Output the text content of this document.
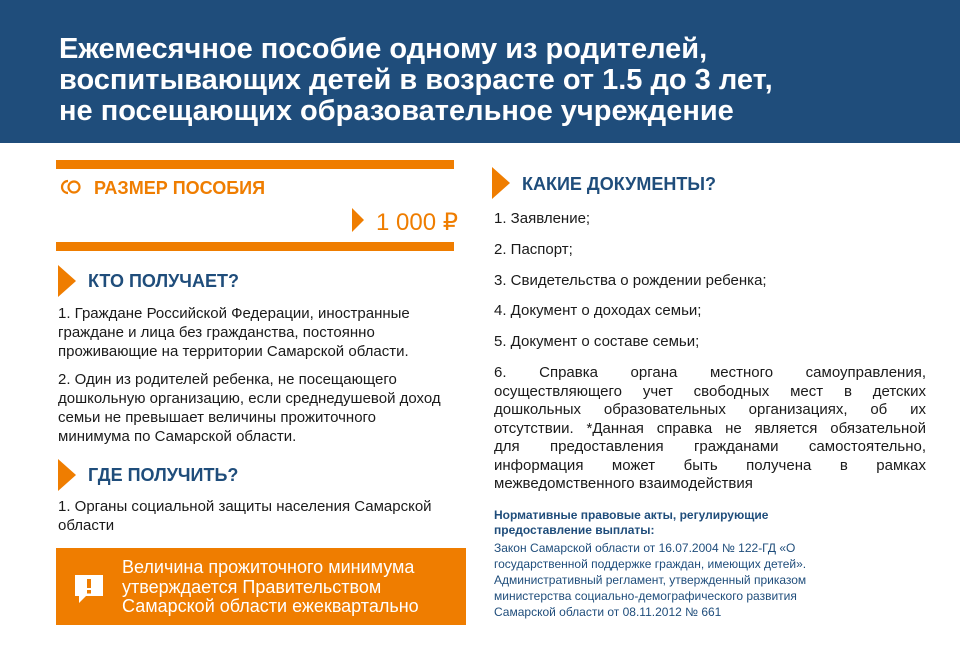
Ежемесячное пособие одному из родителей,
воспитывающих детей в возрасте от 1.5 до 3 лет,
не посещающих образовательное учреждение
РАЗМЕР ПОСОБИЯ
1 000 ₽
КТО ПОЛУЧАЕТ?
1. Граждане Российской Федерации, иностранные
граждане и лица без гражданства, постоянно
проживающие на территории Самарской области.
2. Один из родителей ребенка, не посещающего
дошкольную организацию, если среднедушевой доход
семьи не превышает величины прожиточного
минимума по Самарской области.
ГДЕ ПОЛУЧИТЬ?
1. Органы социальной защиты населения Самарской
области
Величина прожиточного минимума
утверждается Правительством
Самарской области ежеквартально
КАКИЕ ДОКУМЕНТЫ?
1. Заявление;
2. Паспорт;
3. Свидетельства о рождении ребенка;
4. Документ о доходах семьи;
5. Документ о составе семьи;
6. Справка органа местного самоуправления,
осуществляющего учет свободных мест в детских
дошкольных образовательных организациях, об их
отсутствии. *Данная справка не является обязательной
для предоставления гражданами самостоятельно,
информация может быть получена в рамках
межведомственного взаимодействия
Нормативные правовые акты, регулирующие
предоставление выплаты:
Закон Самарской области от 16.07.2004 № 122-ГД «О
государственной поддержке граждан, имеющих детей».
Административный регламент, утвержденный приказом
министерства социально-демографического развития
Самарской области от 08.11.2012 № 661
